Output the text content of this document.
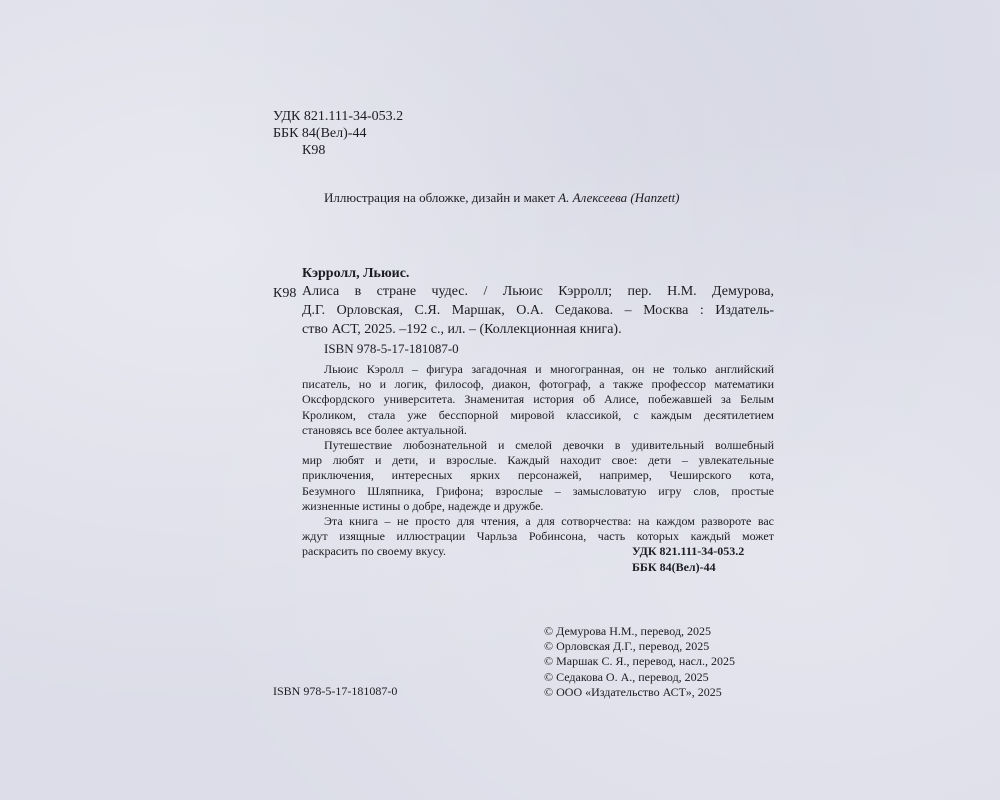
УДК 821.111-34-053.2

ББК 84(Вел)-44

К98

Иллюстрация на обложке, дизайн и макет А. Алексеева (Hanzett)

Кэрролл, Льюис.

К98 Алиса в стране чудес. / Льюис Кэрролл; пер. Н.М. Демурова,
Д.Г. Орловская, С.Я. Маршак, О.А. Седакова. – Москва : Издатель-
ство АСТ, 2025. –192 с., ил. – (Коллекционная книга).

ISBN 978-5-17-181087-0

Льюис Кэролл – фигура загадочная и многогранная, он не только английский
писатель, но и логик, философ, диакон, фотограф, а также профессор математики
Оксфордского университета. Знаменитая история об Алисе, побежавшей за Белым
Кроликом, стала уже бесспорной мировой классикой, с каждым десятилетием
становясь все более актуальной.
Путешествие любознательной и смелой девочки в удивительный волшебный
мир любят и дети, и взрослые. Каждый находит свое: дети – увлекательные
приключения, интересных ярких персонажей, например, Чеширского кота,
Безумного Шляпника, Грифона; взрослые – замысловатую игру слов, простые
жизненные истины о добре, надежде и дружбе.
Эта книга – не просто для чтения, а для сотворчества: на каждом развороте вас
ждут изящные иллюстрации Чарльза Робинсона, часть которых каждый может
раскрасить по своему вкусу.	УДК 821.111-34-053.2

ББК 84(Вел)-44

© Демурова Н.М., перевод, 2025
© Орловская Д.Г., перевод, 2025
© Маршак С. Я., перевод, насл., 2025
© Седакова О. А., перевод, 2025
© ООО «Издательство АСТ», 2025

ISBN 978-5-17-181087-0
